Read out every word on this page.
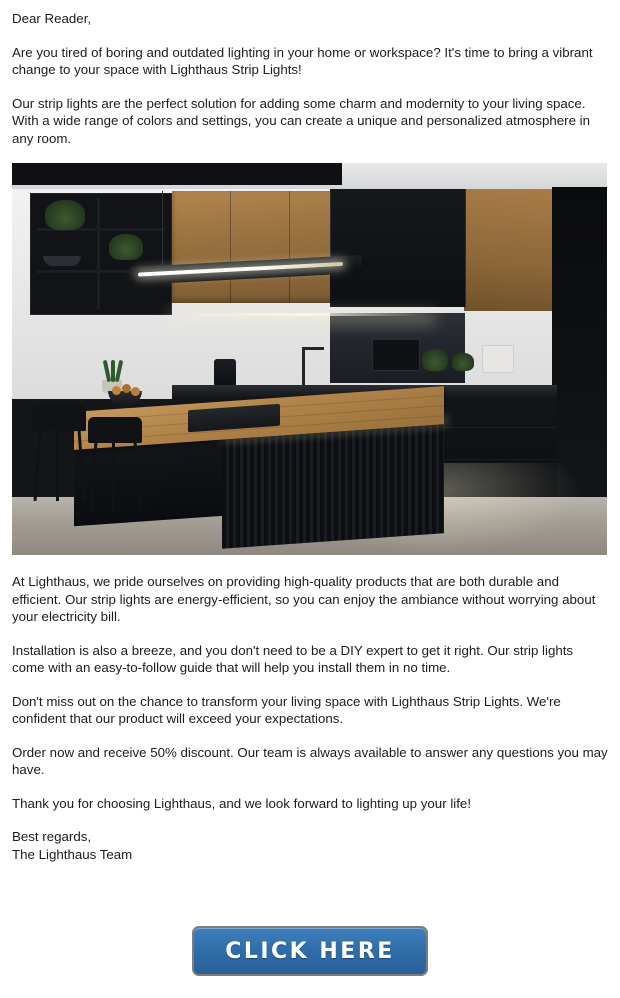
Dear Reader,

Are you tired of boring and outdated lighting in your home or workspace? It's time to bring a vibrant change to your space with Lighthaus Strip Lights!

Our strip lights are the perfect solution for adding some charm and modernity to your living space. With a wide range of colors and settings, you can create a unique and personalized atmosphere in any room.

At Lighthaus, we pride ourselves on providing high-quality products that are both durable and efficient. Our strip lights are energy-efficient, so you can enjoy the ambiance without worrying about your electricity bill.

Installation is also a breeze, and you don't need to be a DIY expert to get it right. Our strip lights come with an easy-to-follow guide that will help you install them in no time.

Don't miss out on the chance to transform your living space with Lighthaus Strip Lights. We're confident that our product will exceed your expectations.

Order now and receive 50% discount. Our team is always available to answer any questions you may have.

Thank you for choosing Lighthaus, and we look forward to lighting up your life!

Best regards,

The Lighthaus Team

CLICK HERE
